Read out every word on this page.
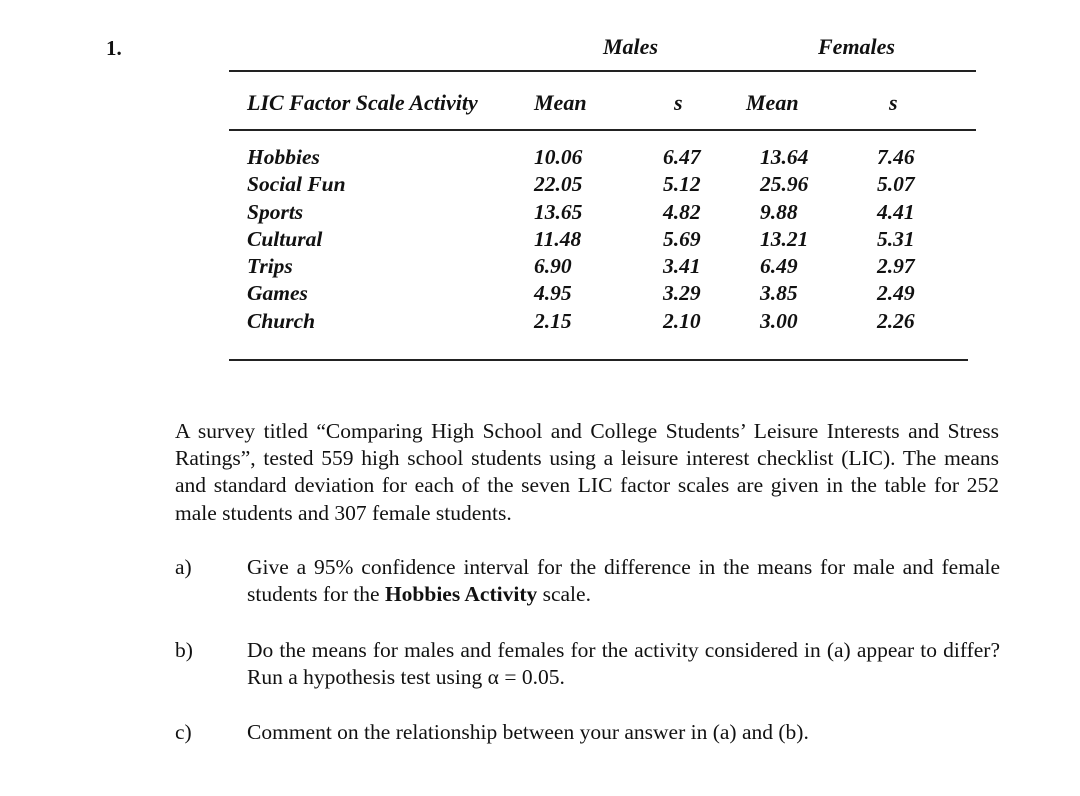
1.	Males	Females
LIC Factor Scale Activity	Mean	s	Mean	s
Hobbies	10.06	6.47	13.64	7.46
Social Fun	22.05	5.12	25.96	5.07
Sports	13.65	4.82	9.88	4.41
Cultural	11.48	5.69	13.21	5.31
Trips	6.90	3.41	6.49	2.97
Games	4.95	3.29	3.85	2.49
Church	2.15	2.10	3.00	2.26

A survey titled “Comparing High School and College Students’ Leisure Interests and Stress Ratings”, tested 559 high school students using a leisure interest checklist (LIC). The means and standard deviation for each of the seven LIC factor scales are given in the table for 252 male students and 307 female students.

a)	Give a 95% confidence interval for the difference in the means for male and female students for the Hobbies Activity scale.
b)	Do the means for males and females for the activity considered in (a) appear to differ? Run a hypothesis test using α = 0.05.
c)	Comment on the relationship between your answer in (a) and (b).
